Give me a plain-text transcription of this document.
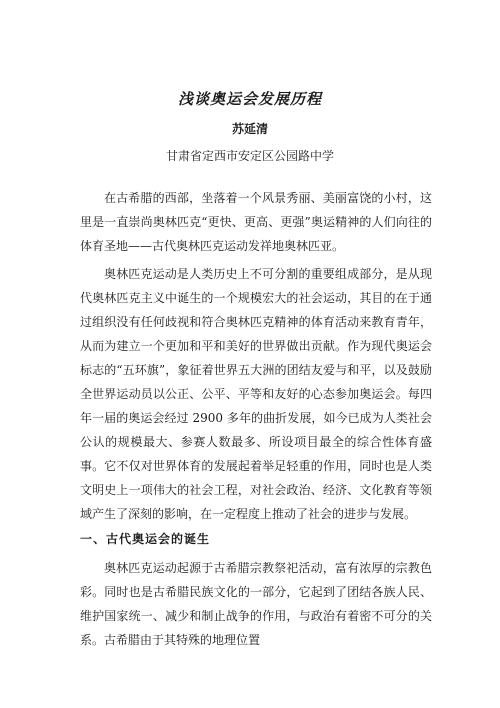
浅谈奥运会发展历程
苏延清
甘肃省定西市安定区公园路中学

在古希腊的西部，坐落着一个风景秀丽、美丽富饶的小村，这里是一直崇尚奥林匹克“更快、更高、更强”奥运精神的人们向往的体育圣地——古代奥林匹克运动发祥地奥林匹亚。

奥林匹克运动是人类历史上不可分割的重要组成部分，是从现代奥林匹克主义中诞生的一个规模宏大的社会运动，其目的在于通过组织没有任何歧视和符合奥林匹克精神的体育活动来教育青年，从而为建立一个更加和平和美好的世界做出贡献。作为现代奥运会标志的“五环旗”，象征着世界五大洲的团结友爱与和平，以及鼓励全世界运动员以公正、公平、平等和友好的心态参加奥运会。每四年一届的奥运会经过 2900 多年的曲折发展，如今已成为人类社会公认的规模最大、参赛人数最多、所设项目最全的综合性体育盛事。它不仅对世界体育的发展起着举足轻重的作用，同时也是人类文明史上一项伟大的社会工程，对社会政治、经济、文化教育等领域产生了深刻的影响，在一定程度上推动了社会的进步与发展。

一、古代奥运会的诞生

奥林匹克运动起源于古希腊宗教祭祀活动，富有浓厚的宗教色彩。同时也是古希腊民族文化的一部分，它起到了团结各族人民、维护国家统一、减少和制止战争的作用，与政治有着密不可分的关系。古希腊由于其特殊的地理位置
